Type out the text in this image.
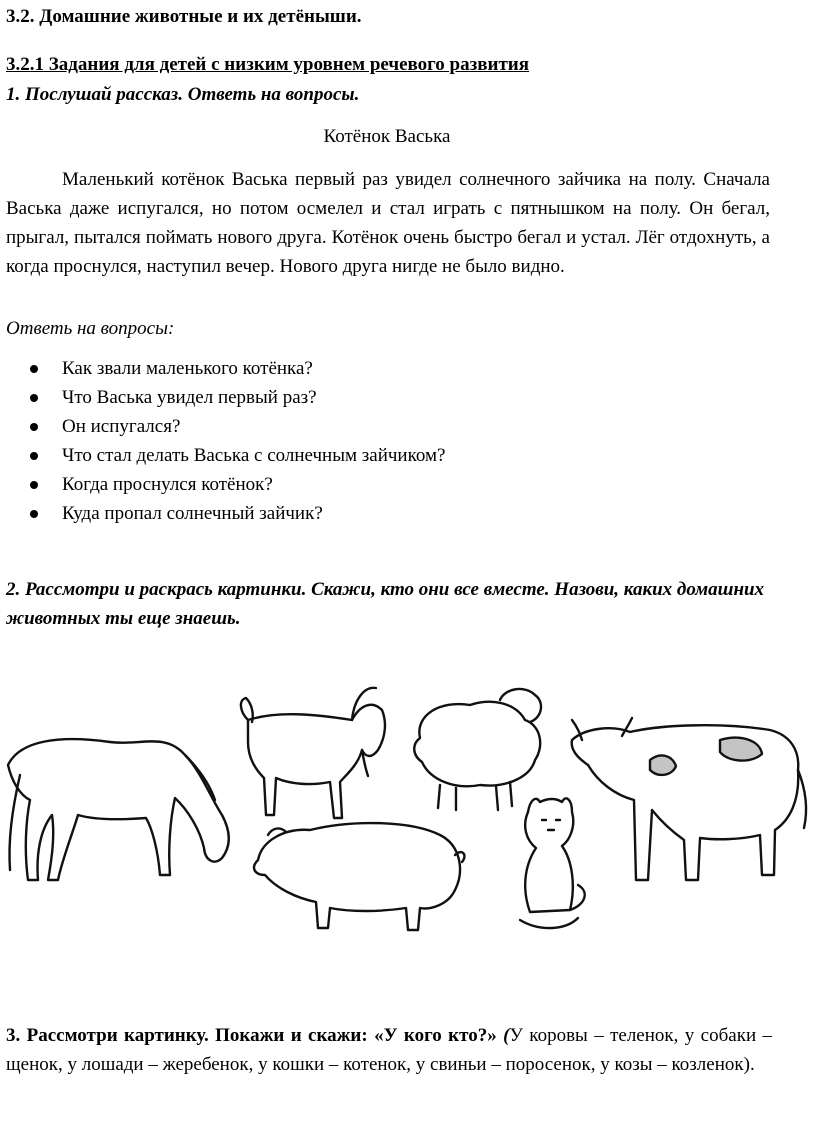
3.2. Домашние животные и их детёныши.
3.2.1 Задания для детей с низким уровнем речевого развития
1. Послушай рассказ. Ответь на вопросы.
Котёнок Васька
Маленький котёнок Васька первый раз увидел солнечного зайчика на полу. Сначала Васька даже испугался, но потом осмелел и стал играть с пятнышком на полу. Он бегал, прыгал, пытался поймать нового друга. Котёнок очень быстро бегал и устал. Лёг отдохнуть, а когда проснулся, наступил вечер. Нового друга нигде не было видно.
Ответь на вопросы:
Как звали маленького котёнка?
Что Васька увидел первый раз?
Он испугался?
Что стал делать Васька с солнечным зайчиком?
Когда проснулся котёнок?
Куда пропал солнечный зайчик?
2. Рассмотри и раскрась картинки. Скажи, кто они все вместе. Назови, каких домашних животных ты еще знаешь.
3. Рассмотри картинку. Покажи и скажи: «У кого кто?» (У коровы – теленок, у собаки – щенок, у лошади – жеребенок, у кошки – котенок, у свиньи – поросенок, у козы – козленок).
